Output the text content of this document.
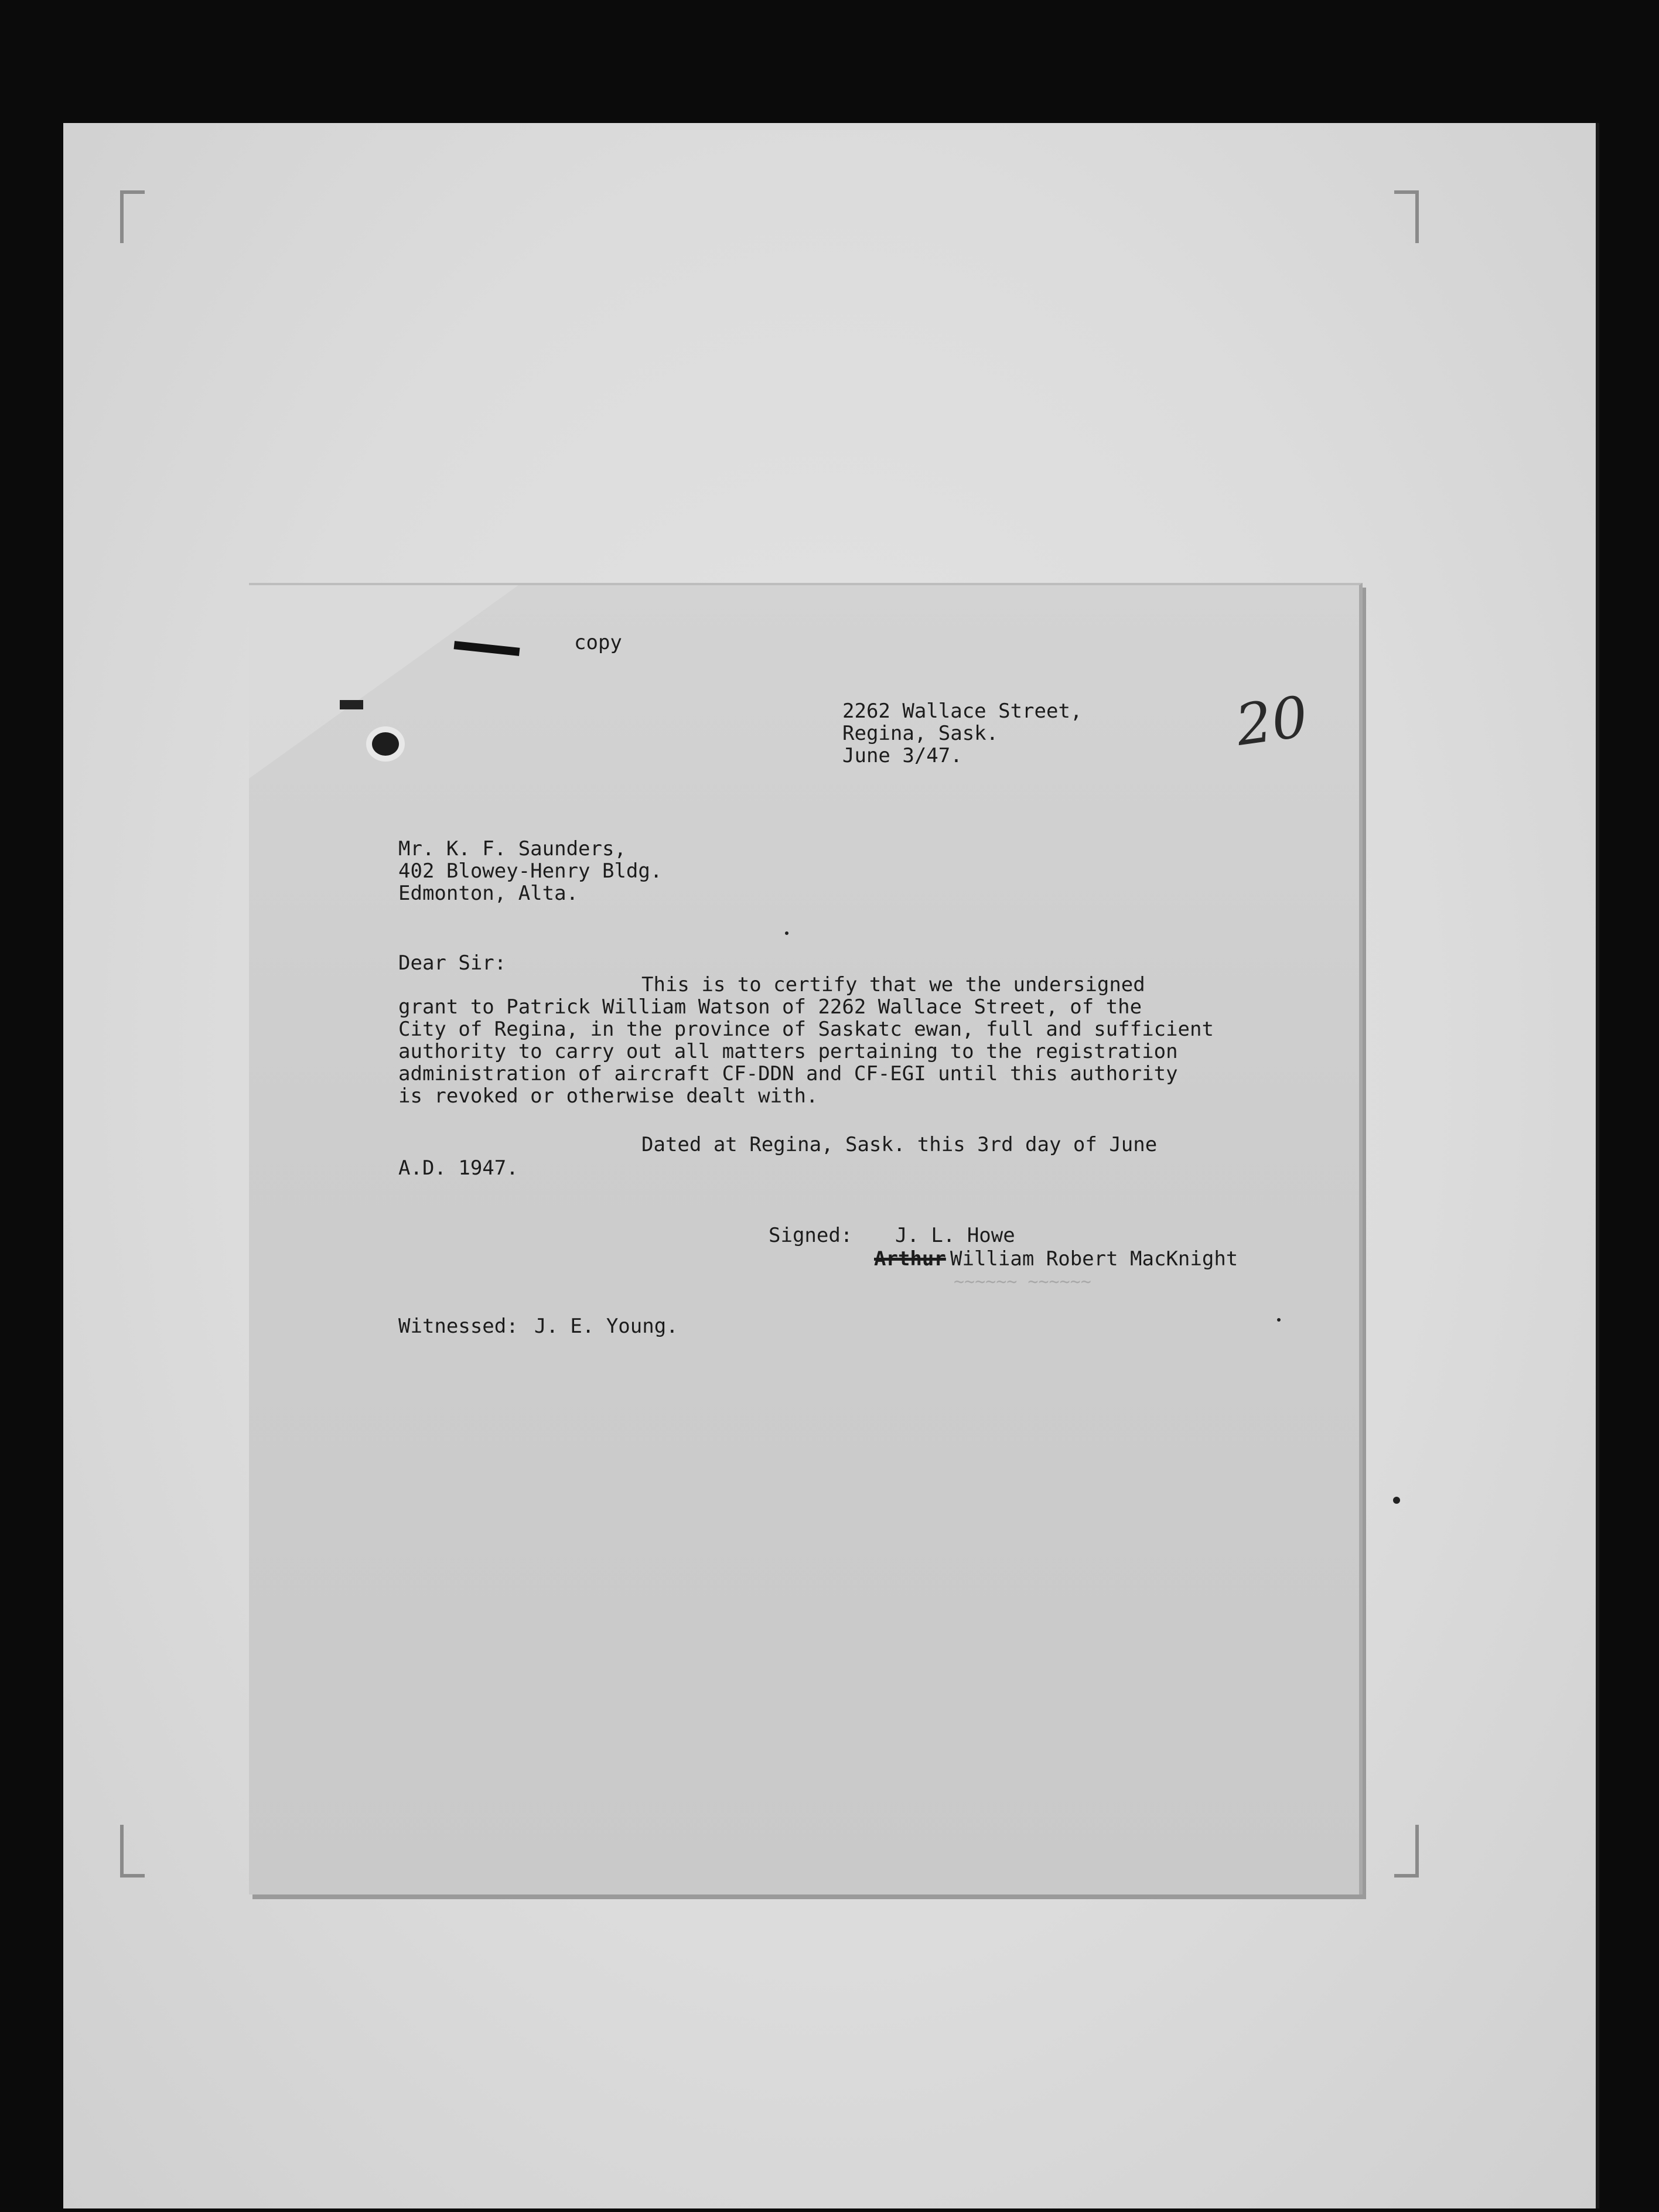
copy
2262 Wallace Street,
Regina, Sask.
June 3/47.	20
Mr. K. F. Saunders,
402 Blowey-Henry Bldg.
Edmonton, Alta.
Dear Sir:
This is to certify that we the undersigned
grant to Patrick William Watson of 2262 Wallace Street, of the
City of Regina, in the province of Saskatc ewan, full and sufficient
authority to carry out all matters pertaining to the registration
administration of aircraft CF-DDN and CF-EGI until this authority
is revoked or otherwise dealt with.
Dated at Regina, Sask. this 3rd day of June
A.D. 1947.
Signed: J. L. Howe
Arthur William Robert MacKnight
~~~~~~ ~~~~~~
Witnessed: J. E. Young.
